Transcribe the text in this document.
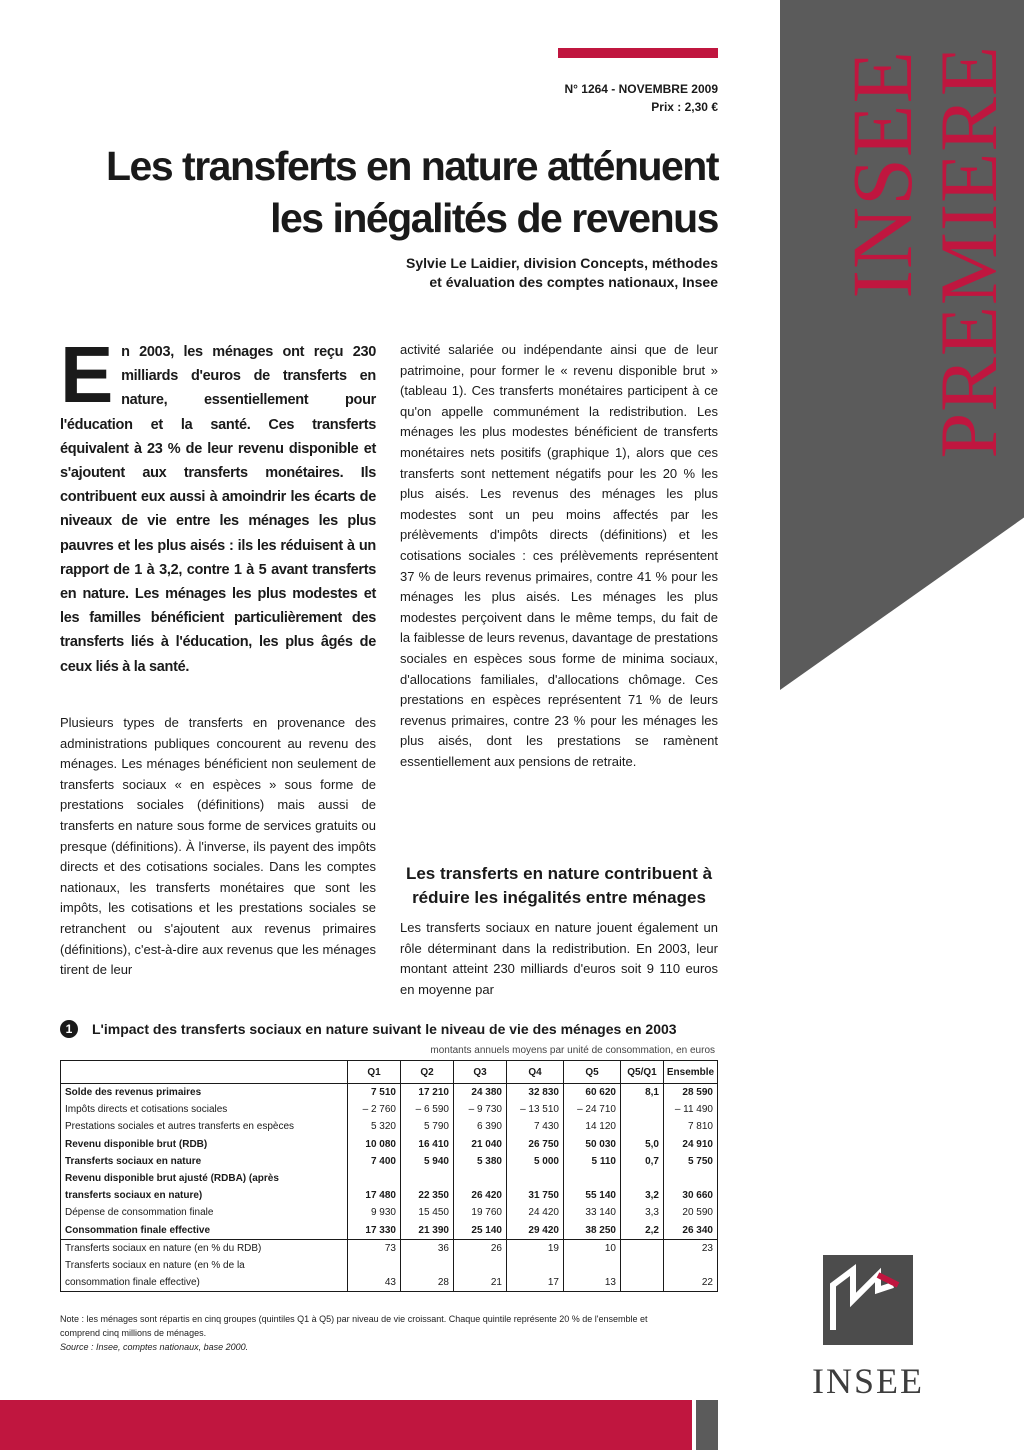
INSEE
PREMIERE
N° 1264 - NOVEMBRE 2009
Prix : 2,30 €
Les transferts en nature atténuent
les inégalités de revenus
Sylvie Le Laidier, division Concepts, méthodes
et évaluation des comptes nationaux, Insee
En 2003, les ménages ont reçu 230 milliards d'euros de transferts en nature, essentiellement pour l'éducation et la santé. Ces transferts équivalent à 23 % de leur revenu disponible et s'ajoutent aux transferts monétaires. Ils contribuent eux aussi à amoindrir les écarts de niveaux de vie entre les ménages les plus pauvres et les plus aisés : ils les réduisent à un rapport de 1 à 3,2, contre 1 à 5 avant transferts en nature. Les ménages les plus modestes et les familles bénéficient particulièrement des transferts liés à l'éducation, les plus âgés de ceux liés à la santé.
Plusieurs types de transferts en provenance des administrations publiques concourent au revenu des ménages. Les ménages bénéficient non seulement de transferts sociaux « en espèces » sous forme de prestations sociales (définitions) mais aussi de transferts en nature sous forme de services gratuits ou presque (définitions). À l'inverse, ils payent des impôts directs et des cotisations sociales. Dans les comptes nationaux, les transferts monétaires que sont les impôts, les cotisations et les prestations sociales se retranchent ou s'ajoutent aux revenus primaires (définitions), c'est-à-dire aux revenus que les ménages tirent de leur
activité salariée ou indépendante ainsi que de leur patrimoine, pour former le « revenu disponible brut » (tableau 1). Ces transferts monétaires participent à ce qu'on appelle communément la redistribution. Les ménages les plus modestes bénéficient de transferts monétaires nets positifs (graphique 1), alors que ces transferts sont nettement négatifs pour les 20 % les plus aisés. Les revenus des ménages les plus modestes sont un peu moins affectés par les prélèvements d'impôts directs (définitions) et les cotisations sociales : ces prélèvements représentent 37 % de leurs revenus primaires, contre 41 % pour les ménages les plus aisés. Les ménages les plus modestes perçoivent dans le même temps, du fait de la faiblesse de leurs revenus, davantage de prestations sociales en espèces sous forme de minima sociaux, d'allocations familiales, d'allocations chômage. Ces prestations en espèces représentent 71 % de leurs revenus primaires, contre 23 % pour les ménages les plus aisés, dont les prestations se ramènent essentiellement aux pensions de retraite.
Les transferts en nature contribuent à
réduire les inégalités entre ménages
Les transferts sociaux en nature jouent également un rôle déterminant dans la redistribution. En 2003, leur montant atteint 230 milliards d'euros soit 9 110 euros en moyenne par
1	L'impact des transferts sociaux en nature suivant le niveau de vie des ménages en 2003
montants annuels moyens par unité de consommation, en euros
	Q1	Q2	Q3	Q4	Q5	Q5/Q1	Ensemble
Solde des revenus primaires	7 510	17 210	24 380	32 830	60 620	8,1	28 590
Impôts directs et cotisations sociales	– 2 760	– 6 590	– 9 730	– 13 510	– 24 710		– 11 490
Prestations sociales et autres transferts en espèces	5 320	5 790	6 390	7 430	14 120		7 810
Revenu disponible brut (RDB)	10 080	16 410	21 040	26 750	50 030	5,0	24 910
Transferts sociaux en nature	7 400	5 940	5 380	5 000	5 110	0,7	5 750
Revenu disponible brut ajusté (RDBA) (après							
transferts sociaux en nature)	17 480	22 350	26 420	31 750	55 140	3,2	30 660
Dépense de consommation finale	9 930	15 450	19 760	24 420	33 140	3,3	20 590
Consommation finale effective	17 330	21 390	25 140	29 420	38 250	2,2	26 340
Transferts sociaux en nature (en % du RDB)	73	36	26	19	10		23
Transferts sociaux en nature (en % de la							
consommation finale effective)	43	28	21	17	13		22
Note : les ménages sont répartis en cinq groupes (quintiles Q1 à Q5) par niveau de vie croissant. Chaque quintile représente 20 % de l'ensemble et
comprend cinq millions de ménages.
Source : Insee, comptes nationaux, base 2000.
INSEE
